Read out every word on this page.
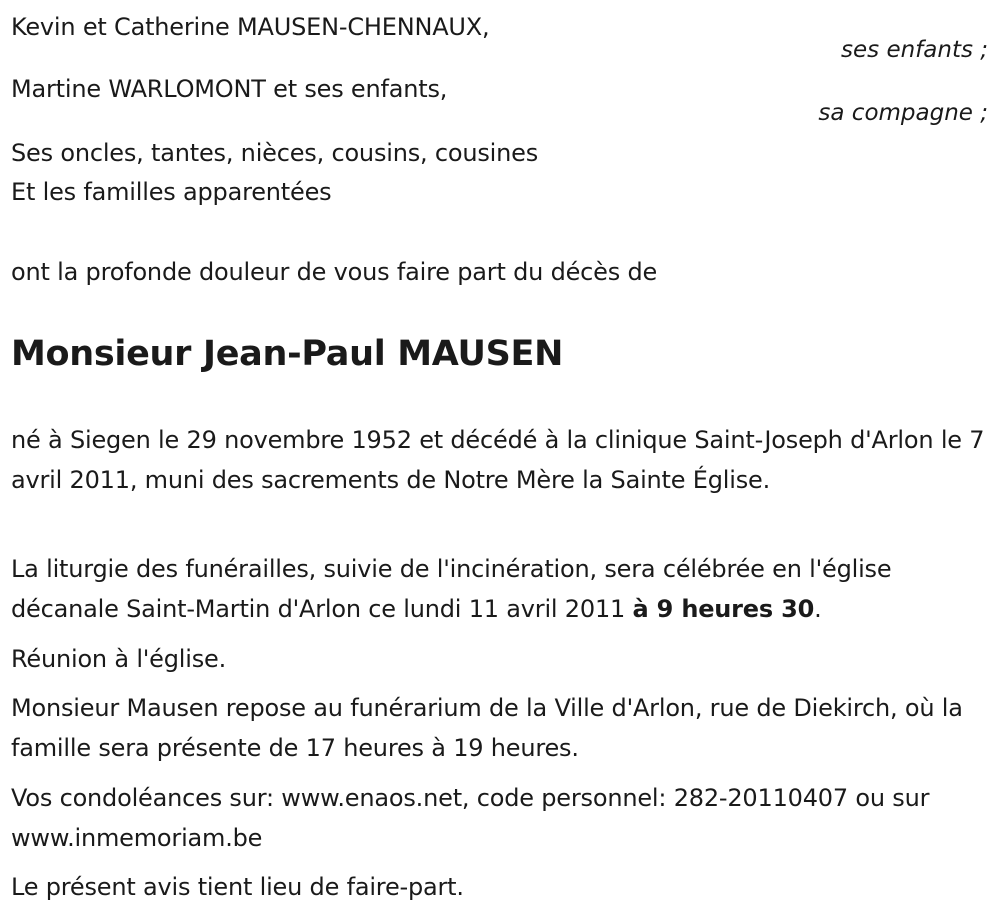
Kevin et Catherine MAUSEN-CHENNAUX,
ses enfants ;
Martine WARLOMONT et ses enfants,
sa compagne ;
Ses oncles, tantes, nièces, cousins, cousines
Et les familles apparentées
ont la profonde douleur de vous faire part du décès de
Monsieur Jean-Paul MAUSEN
né à Siegen le 29 novembre 1952 et décédé à la clinique Saint-Joseph d'Arlon le 7 avril 2011, muni des sacrements de Notre Mère la Sainte Église.
La liturgie des funérailles, suivie de l'incinération, sera célébrée en l'église décanale Saint-Martin d'Arlon ce lundi 11 avril 2011 à 9 heures 30.
Réunion à l'église.
Monsieur Mausen repose au funérarium de la Ville d'Arlon, rue de Diekirch, où la famille sera présente de 17 heures à 19 heures.
Vos condoléances sur: www.enaos.net, code personnel: 282-20110407 ou sur www.inmemoriam.be
Le présent avis tient lieu de faire-part.
